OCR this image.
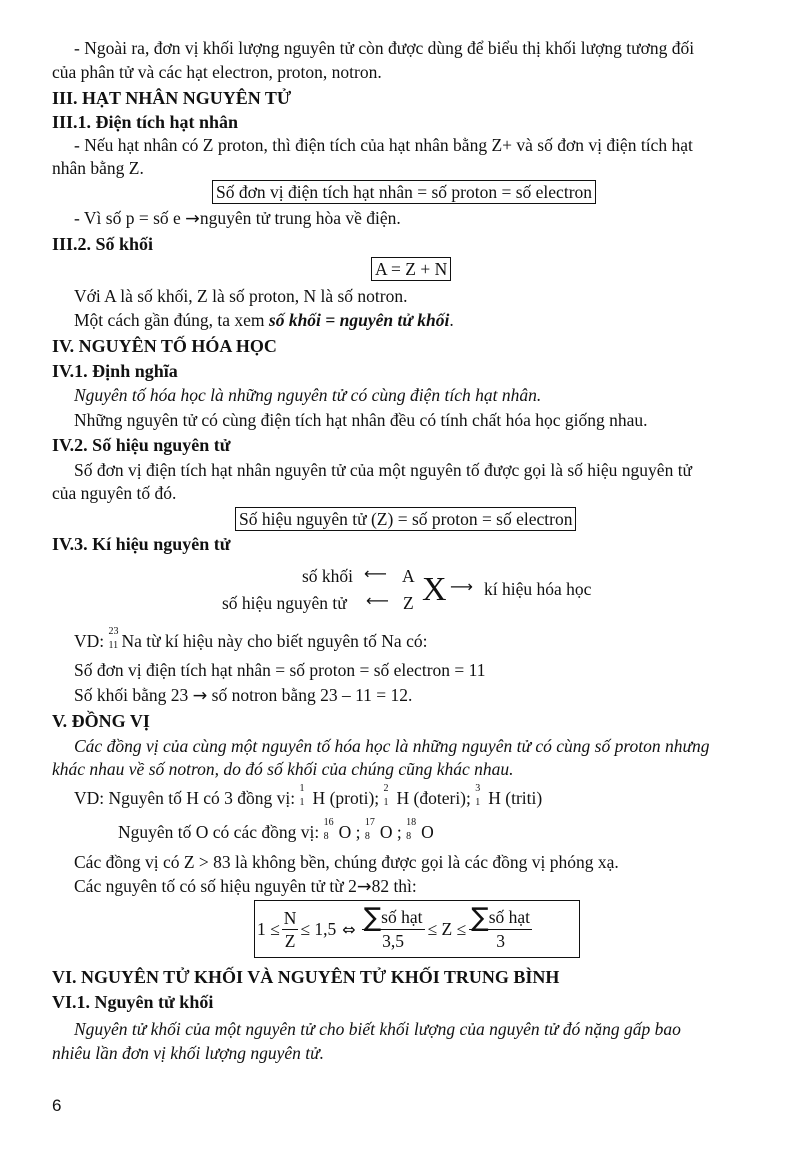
- Ngoài ra, đơn vị khối lượng nguyên tử còn được dùng để biểu thị khối lượng tương đối
của phân tử và các hạt electron, proton, notron.
III. HẠT NHÂN NGUYÊN TỬ
III.1. Điện tích hạt nhân
- Nếu hạt nhân có Z proton, thì điện tích của hạt nhân bằng Z+ và số đơn vị điện tích hạt
nhân bằng Z.
Số đơn vị điện tích hạt nhân = số proton = số electron
- Vì số p = số e →nguyên tử trung hòa về điện.
III.2. Số khối
A = Z + N
Với A là số khối, Z là số proton, N là số notron.
Một cách gần đúng, ta xem số khối = nguyên tử khối.
IV. NGUYÊN TỐ HÓA HỌC
IV.1. Định nghĩa
Nguyên tố hóa học là những nguyên tử có cùng điện tích hạt nhân.
Những nguyên tử có cùng điện tích hạt nhân đều có tính chất hóa học giống nhau.
IV.2. Số hiệu nguyên tử
Số đơn vị điện tích hạt nhân nguyên tử của một nguyên tố được gọi là số hiệu nguyên tử
của nguyên tố đó.
Số hiệu nguyên tử (Z) = số proton = số electron
IV.3. Kí hiệu nguyên tử
số khối ⟵ A
số hiệu nguyên tử ⟵ Z X ⟶ kí hiệu hóa học
VD: 23
11 Na từ kí hiệu này cho biết nguyên tố Na có:
Số đơn vị điện tích hạt nhân = số proton = số electron = 11
Số khối bằng 23 → số notron bằng 23 – 11 = 12.
V. ĐỒNG VỊ
Các đồng vị của cùng một nguyên tố hóa học là những nguyên tử có cùng số proton nhưng
khác nhau về số notron, do đó số khối của chúng cũng khác nhau.
VD: Nguyên tố H có 3 đồng vị: 1
1 H (proti); 2
1 H (đoteri); 3
1 H (triti)
Nguyên tố O có các đồng vị: 16
8 O ; 17
8 O ; 18
8 O
Các đồng vị có Z > 83 là không bền, chúng được gọi là các đồng vị phóng xạ.
Các nguyên tố có số hiệu nguyên tử từ 2→82 thì:
$1 \le \frac{N}{Z} \le 1,5$ ⇔ $\frac{\text{∑số hạt}}{3,5} \le Z \le \frac{\text{∑số hạt}}{3}$
VI. NGUYÊN TỬ KHỐI VÀ NGUYÊN TỬ KHỐI TRUNG BÌNH
VI.1. Nguyên tử khối
Nguyên tử khối của một nguyên tử cho biết khối lượng của nguyên tử đó nặng gấp bao
nhiêu lần đơn vị khối lượng nguyên tử.
6
